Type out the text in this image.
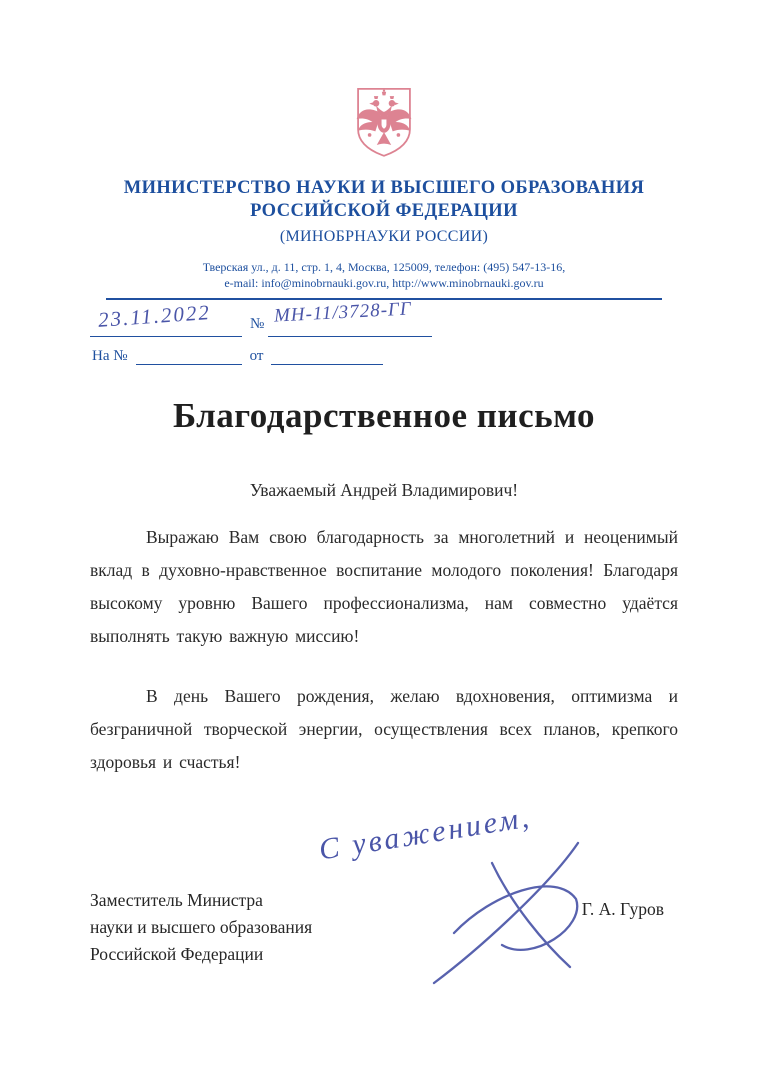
МИНИСТЕРСТВО НАУКИ И ВЫСШЕГО ОБРАЗОВАНИЯ
РОССИЙСКОЙ ФЕДЕРАЦИИ
(МИНОБРНАУКИ РОССИИ)
Тверская ул., д. 11, стр. 1, 4, Москва, 125009, телефон: (495) 547-13-16,
e-mail: info@minobrnauki.gov.ru, http://www.minobrnauki.gov.ru
23.11.2022	№ МН-11/3728-ГГ
На №	от
Благодарственное письмо
Уважаемый Андрей Владимирович!

Выражаю Вам свою благодарность за многолетний и неоценимый вклад в духовно-нравственное воспитание молодого поколения! Благодаря высокому уровню Вашего профессионализма, нам совместно удаётся выполнять такую важную миссию!

В день Вашего рождения, желаю вдохновения, оптимизма и безграничной творческой энергии, осуществления всех планов, крепкого здоровья и счастья!

С уважением,
Заместитель Министра
науки и высшего образования
Российской Федерации
Г. А. Гуров
